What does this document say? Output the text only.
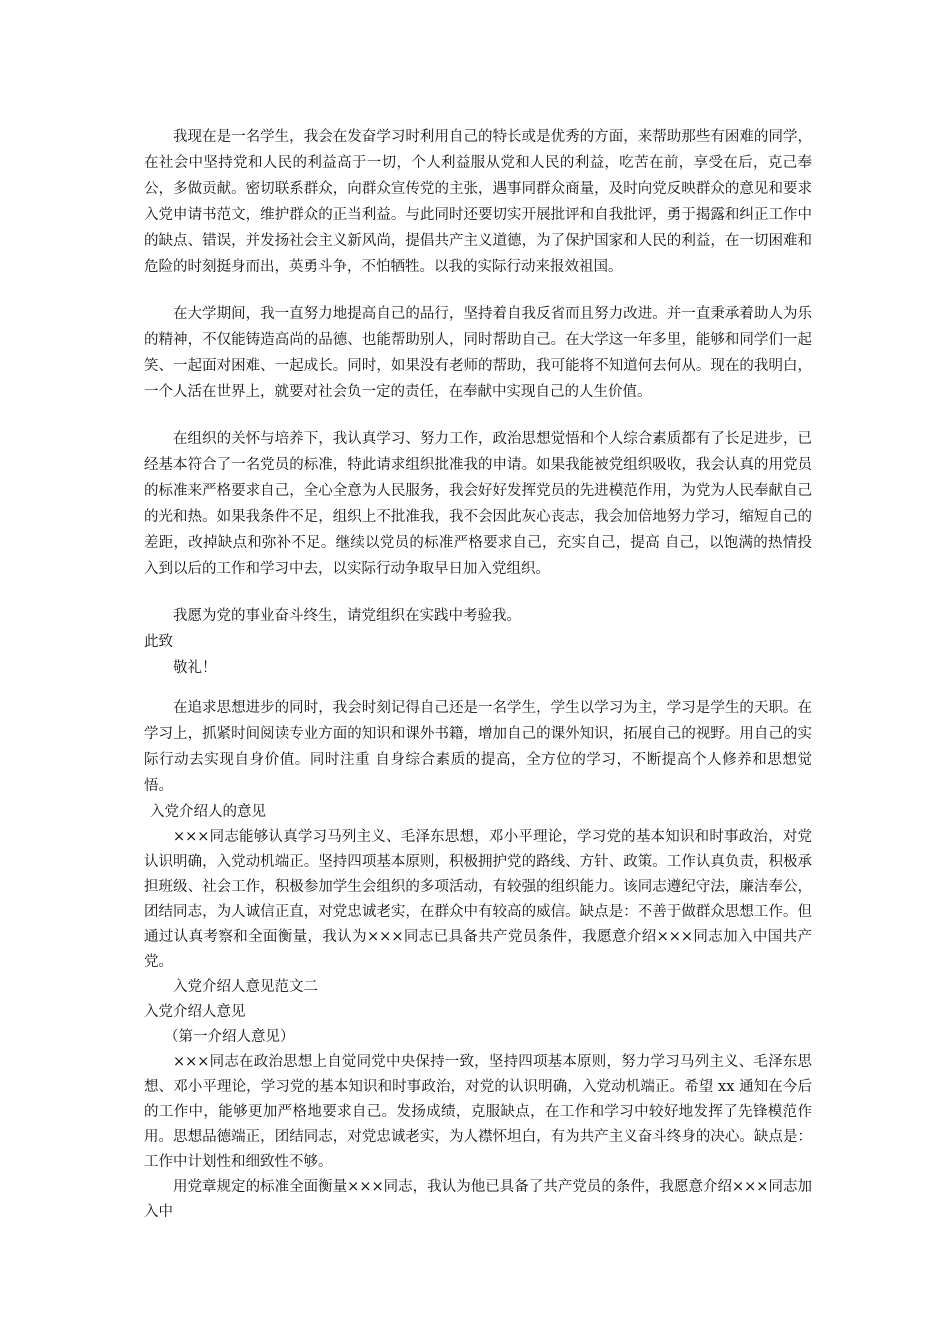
我现在是一名学生，我会在发奋学习时利用自己的特长或是优秀的方面，来帮助那些有困难的同学，在社会中坚持党和人民的利益高于一切，个人利益服从党和人民的利益，吃苦在前，享受在后，克己奉公，多做贡献。密切联系群众，向群众宣传党的主张，遇事同群众商量，及时向党反映群众的意见和要求入党申请书范文，维护群众的正当利益。与此同时还要切实开展批评和自我批评，勇于揭露和纠正工作中的缺点、错误，并发扬社会主义新风尚，提倡共产主义道德，为了保护国家和人民的利益，在一切困难和危险的时刻挺身而出，英勇斗争，不怕牺牲。以我的实际行动来报效祖国。

在大学期间，我一直努力地提高自己的品行，坚持着自我反省而且努力改进。并一直秉承着助人为乐的精神，不仅能铸造高尚的品德、也能帮助别人，同时帮助自己。在大学这一年多里，能够和同学们一起笑、一起面对困难、一起成长。同时，如果没有老师的帮助，我可能将不知道何去何从。现在的我明白，一个人活在世界上，就要对社会负一定的责任，在奉献中实现自己的人生价值。

在组织的关怀与培养下，我认真学习、努力工作，政治思想觉悟和个人综合素质都有了长足进步，已经基本符合了一名党员的标准，特此请求组织批准我的申请。如果我能被党组织吸收，我会认真的用党员的标准来严格要求自己，全心全意为人民服务，我会好好发挥党员的先进模范作用，为党为人民奉献自己的光和热。如果我条件不足，组织上不批准我，我不会因此灰心丧志，我会加倍地努力学习，缩短自己的差距，改掉缺点和弥补不足。继续以党员的标准严格要求自己，充实自己，提高 自己，以饱满的热情投入到以后的工作和学习中去，以实际行动争取早日加入党组织。

我愿为党的事业奋斗终生，请党组织在实践中考验我。

此致

敬礼！

在追求思想进步的同时，我会时刻记得自己还是一名学生，学生以学习为主，学习是学生的天职。在学习上，抓紧时间阅读专业方面的知识和课外书籍，增加自己的课外知识，拓展自己的视野。用自己的实际行动去实现自身价值。同时注重 自身综合素质的提高，全方位的学习，不断提高个人修养和思想觉悟。

入党介绍人的意见

×××同志能够认真学习马列主义、毛泽东思想，邓小平理论，学习党的基本知识和时事政治，对党认识明确，入党动机端正。坚持四项基本原则，积极拥护党的路线、方针、政策。工作认真负责，积极承担班级、社会工作，积极参加学生会组织的多项活动，有较强的组织能力。该同志遵纪守法，廉洁奉公，团结同志，为人诚信正直，对党忠诚老实，在群众中有较高的威信。缺点是：不善于做群众思想工作。但通过认真考察和全面衡量，我认为×××同志已具备共产党员条件，我愿意介绍×××同志加入中国共产党。

入党介绍人意见范文二

入党介绍人意见

（第一介绍人意见）

×××同志在政治思想上自觉同党中央保持一致，坚持四项基本原则，努力学习马列主义、毛泽东思想、邓小平理论，学习党的基本知识和时事政治，对党的认识明确，入党动机端正。希望 xx 通知在今后的工作中，能够更加严格地要求自己。发扬成绩，克服缺点，在工作和学习中较好地发挥了先锋模范作用。思想品德端正，团结同志，对党忠诚老实，为人襟怀坦白，有为共产主义奋斗终身的决心。缺点是：工作中计划性和细致性不够。

用党章规定的标准全面衡量×××同志，我认为他已具备了共产党员的条件，我愿意介绍×××同志加入中
